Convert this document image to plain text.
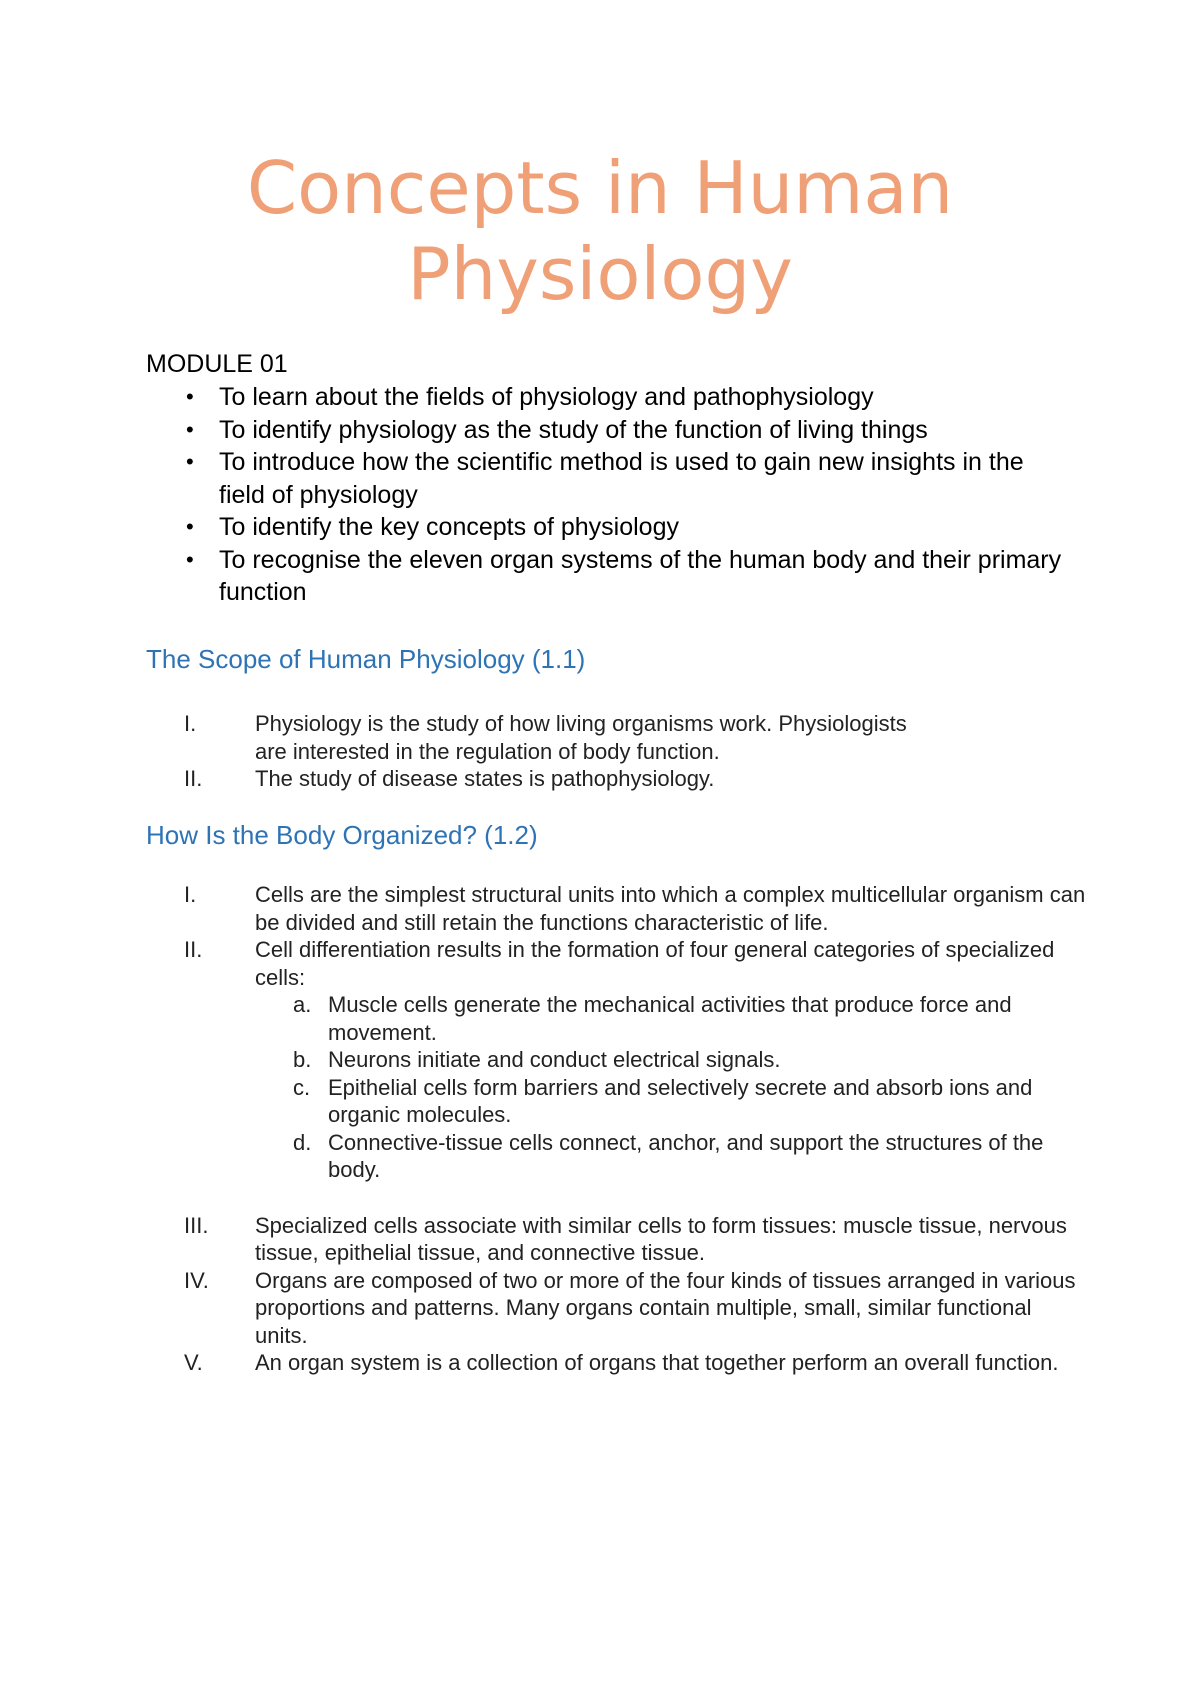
Concepts in Human
Physiology

MODULE 01

•	To learn about the fields of physiology and pathophysiology
•	To identify physiology as the study of the function of living things
•	To introduce how the scientific method is used to gain new insights in the field of physiology
•	To identify the key concepts of physiology
•	To recognise the eleven organ systems of the human body and their primary function
The Scope of Human Physiology (1.1)
I.	Physiology is the study of how living organisms work. Physiologists are interested in the regulation of body function.
II. The study of disease states is pathophysiology.
How Is the Body Organized? (1.2)
I.	Cells are the simplest structural units into which a complex multicellular organism can be divided and still retain the functions characteristic of life.
II. Cell differentiation results in the formation of four general categories of specialized cells:
a. Muscle cells generate the mechanical activities that produce force and movement.
b. Neurons initiate and conduct electrical signals.
c. Epithelial cells form barriers and selectively secrete and absorb ions and organic molecules.
d. Connective-tissue cells connect, anchor, and support the structures of the body.
III. Specialized cells associate with similar cells to form tissues: muscle tissue, nervous tissue, epithelial tissue, and connective tissue.
IV. Organs are composed of two or more of the four kinds of tissues arranged in various proportions and patterns. Many organs contain multiple, small, similar functional units.
V. An organ system is a collection of organs that together perform an overall function.
